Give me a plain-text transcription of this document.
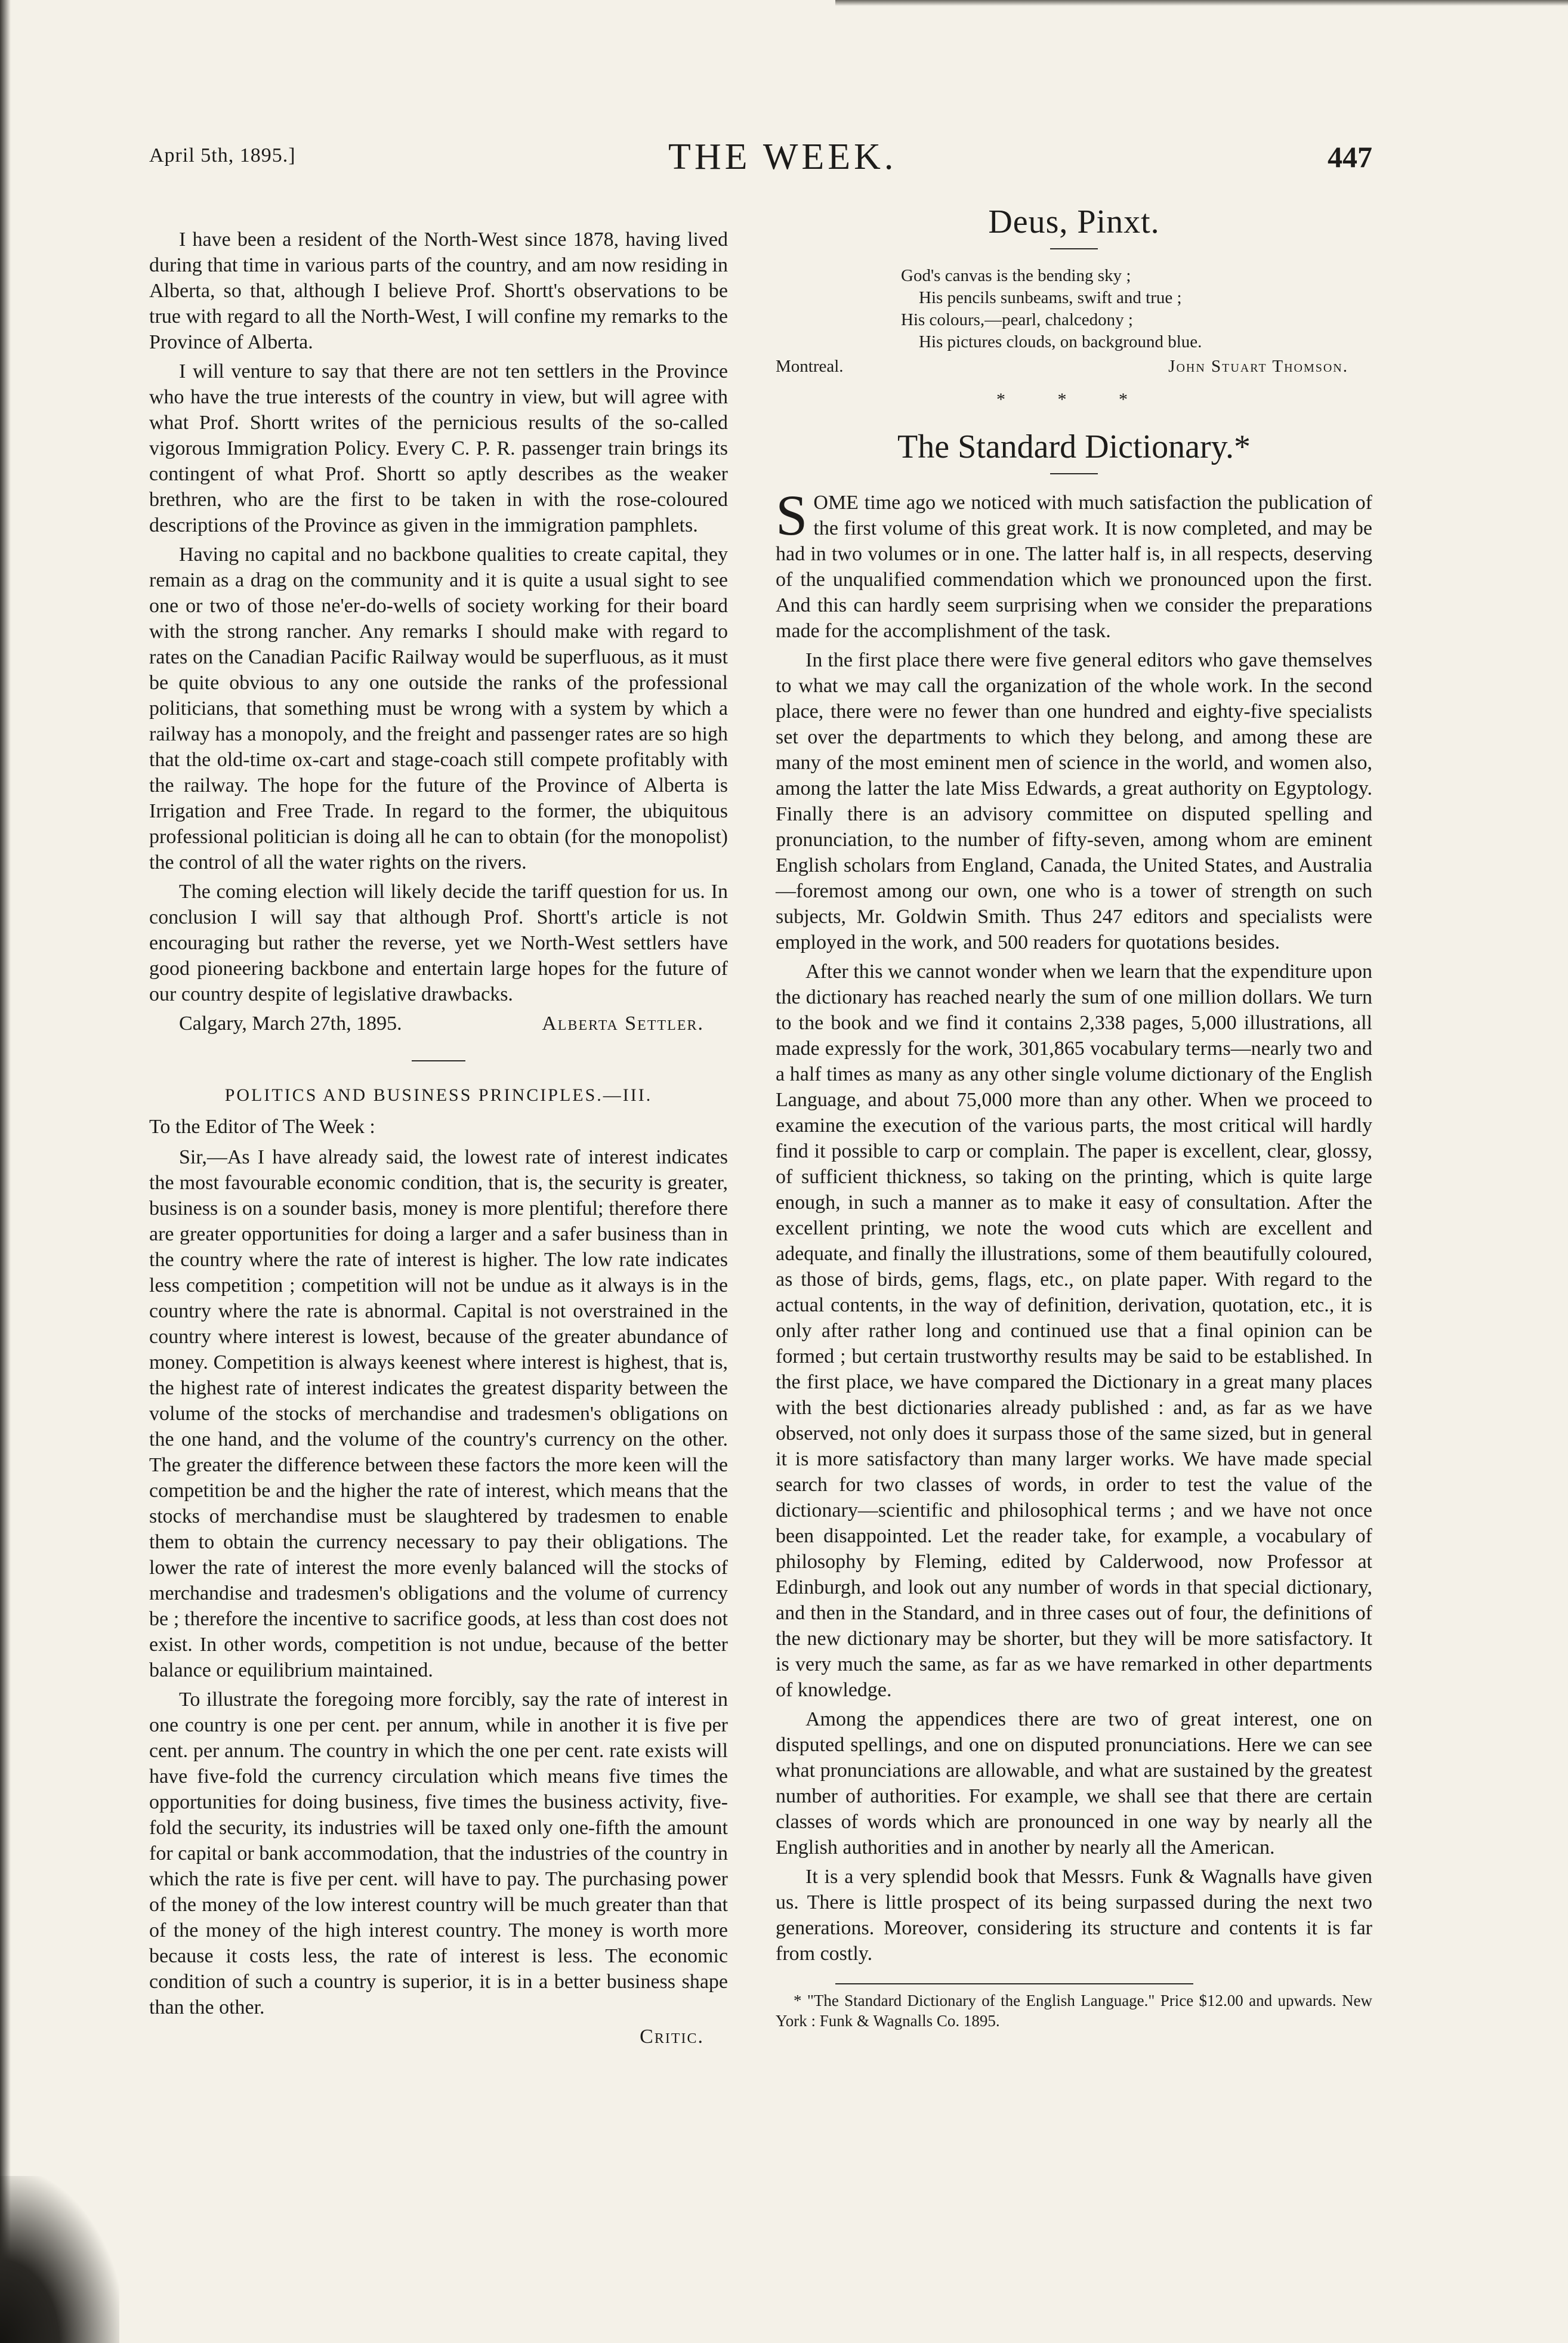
April 5th, 1895.]	THE WEEK.	447

I have been a resident of the North-West since 1878, having lived during that time in various parts of the country, and am now residing in Alberta, so that, although I believe Prof. Shortt's observations to be true with regard to all the North-West, I will confine my remarks to the Province of Alberta.

I will venture to say that there are not ten settlers in the Province who have the true interests of the country in view, but will agree with what Prof. Shortt writes of the pernicious results of the so-called vigorous Immigration Policy. Every C. P. R. passenger train brings its contingent of what Prof. Shortt so aptly describes as the weaker brethren, who are the first to be taken in with the rose-coloured descriptions of the Province as given in the immigration pamphlets.

Having no capital and no backbone qualities to create capital, they remain as a drag on the community and it is quite a usual sight to see one or two of those ne'er-do-wells of society working for their board with the strong rancher. Any remarks I should make with regard to rates on the Canadian Pacific Railway would be superfluous, as it must be quite obvious to any one outside the ranks of the professional politicians, that something must be wrong with a system by which a railway has a monopoly, and the freight and passenger rates are so high that the old-time ox-cart and stage-coach still compete profitably with the railway. The hope for the future of the Province of Alberta is Irrigation and Free Trade. In regard to the former, the ubiquitous professional politician is doing all he can to obtain (for the monopolist) the control of all the water rights on the rivers.

The coming election will likely decide the tariff question for us. In conclusion I will say that although Prof. Shortt's article is not encouraging but rather the reverse, yet we North-West settlers have good pioneering backbone and entertain large hopes for the future of our country despite of legislative drawbacks.

Calgary, March 27th, 1895.	Alberta Settler.
POLITICS AND BUSINESS PRINCIPLES.—III.
To the Editor of The Week :

Sir,—As I have already said, the lowest rate of interest indicates the most favourable economic condition, that is, the security is greater, business is on a sounder basis, money is more plentiful; therefore there are greater opportunities for doing a larger and a safer business than in the country where the rate of interest is higher. The low rate indicates less competition ; competition will not be undue as it always is in the country where the rate is abnormal. Capital is not overstrained in the country where interest is lowest, because of the greater abundance of money. Competition is always keenest where interest is highest, that is, the highest rate of interest indicates the greatest disparity between the volume of the stocks of merchandise and tradesmen's obligations on the one hand, and the volume of the country's currency on the other. The greater the difference between these factors the more keen will the competition be and the higher the rate of interest, which means that the stocks of merchandise must be slaughtered by tradesmen to enable them to obtain the currency necessary to pay their obligations. The lower the rate of interest the more evenly balanced will the stocks of merchandise and tradesmen's obligations and the volume of currency be ; therefore the incentive to sacrifice goods, at less than cost does not exist. In other words, competition is not undue, because of the better balance or equilibrium maintained.

To illustrate the foregoing more forcibly, say the rate of interest in one country is one per cent. per annum, while in another it is five per cent. per annum. The country in which the one per cent. rate exists will have five-fold the currency circulation which means five times the opportunities for doing business, five times the business activity, five-fold the security, its industries will be taxed only one-fifth the amount for capital or bank accommodation, that the industries of the country in which the rate is five per cent. will have to pay. The purchasing power of the money of the low interest country will be much greater than that of the money of the high interest country. The money is worth more because it costs less, the rate of interest is less. The economic condition of such a country is superior, it is in a better business shape than the other.

Critic.
Deus, Pinxt.
God's canvas is the bending sky ;
His pencils sunbeams, swift and true ;
His colours,—pearl, chalcedony ;
His pictures clouds, on background blue.
Montreal.	John Stuart Thomson.
* * *
The Standard Dictionary.*

SOME time ago we noticed with much satisfaction the publication of the first volume of this great work. It is now completed, and may be had in two volumes or in one. The latter half is, in all respects, deserving of the unqualified commendation which we pronounced upon the first. And this can hardly seem surprising when we consider the preparations made for the accomplishment of the task.

In the first place there were five general editors who gave themselves to what we may call the organization of the whole work. In the second place, there were no fewer than one hundred and eighty-five specialists set over the departments to which they belong, and among these are many of the most eminent men of science in the world, and women also, among the latter the late Miss Edwards, a great authority on Egyptology. Finally there is an advisory committee on disputed spelling and pronunciation, to the number of fifty-seven, among whom are eminent English scholars from England, Canada, the United States, and Australia—foremost among our own, one who is a tower of strength on such subjects, Mr. Goldwin Smith. Thus 247 editors and specialists were employed in the work, and 500 readers for quotations besides.

After this we cannot wonder when we learn that the expenditure upon the dictionary has reached nearly the sum of one million dollars. We turn to the book and we find it contains 2,338 pages, 5,000 illustrations, all made expressly for the work, 301,865 vocabulary terms—nearly two and a half times as many as any other single volume dictionary of the English Language, and about 75,000 more than any other. When we proceed to examine the execution of the various parts, the most critical will hardly find it possible to carp or complain. The paper is excellent, clear, glossy, of sufficient thickness, so taking on the printing, which is quite large enough, in such a manner as to make it easy of consultation. After the excellent printing, we note the wood cuts which are excellent and adequate, and finally the illustrations, some of them beautifully coloured, as those of birds, gems, flags, etc., on plate paper. With regard to the actual contents, in the way of definition, derivation, quotation, etc., it is only after rather long and continued use that a final opinion can be formed ; but certain trustworthy results may be said to be established. In the first place, we have compared the Dictionary in a great many places with the best dictionaries already published : and, as far as we have observed, not only does it surpass those of the same sized, but in general it is more satisfactory than many larger works. We have made special search for two classes of words, in order to test the value of the dictionary—scientific and philosophical terms ; and we have not once been disappointed. Let the reader take, for example, a vocabulary of philosophy by Fleming, edited by Calderwood, now Professor at Edinburgh, and look out any number of words in that special dictionary, and then in the Standard, and in three cases out of four, the definitions of the new dictionary may be shorter, but they will be more satisfactory. It is very much the same, as far as we have remarked in other departments of knowledge.

Among the appendices there are two of great interest, one on disputed spellings, and one on disputed pronunciations. Here we can see what pronunciations are allowable, and what are sustained by the greatest number of authorities. For example, we shall see that there are certain classes of words which are pronounced in one way by nearly all the English authorities and in another by nearly all the American.

It is a very splendid book that Messrs. Funk & Wagnalls have given us. There is little prospect of its being surpassed during the next two generations. Moreover, considering its structure and contents it is far from costly.

* "The Standard Dictionary of the English Language." Price $12.00 and upwards. New York : Funk & Wagnalls Co. 1895.
